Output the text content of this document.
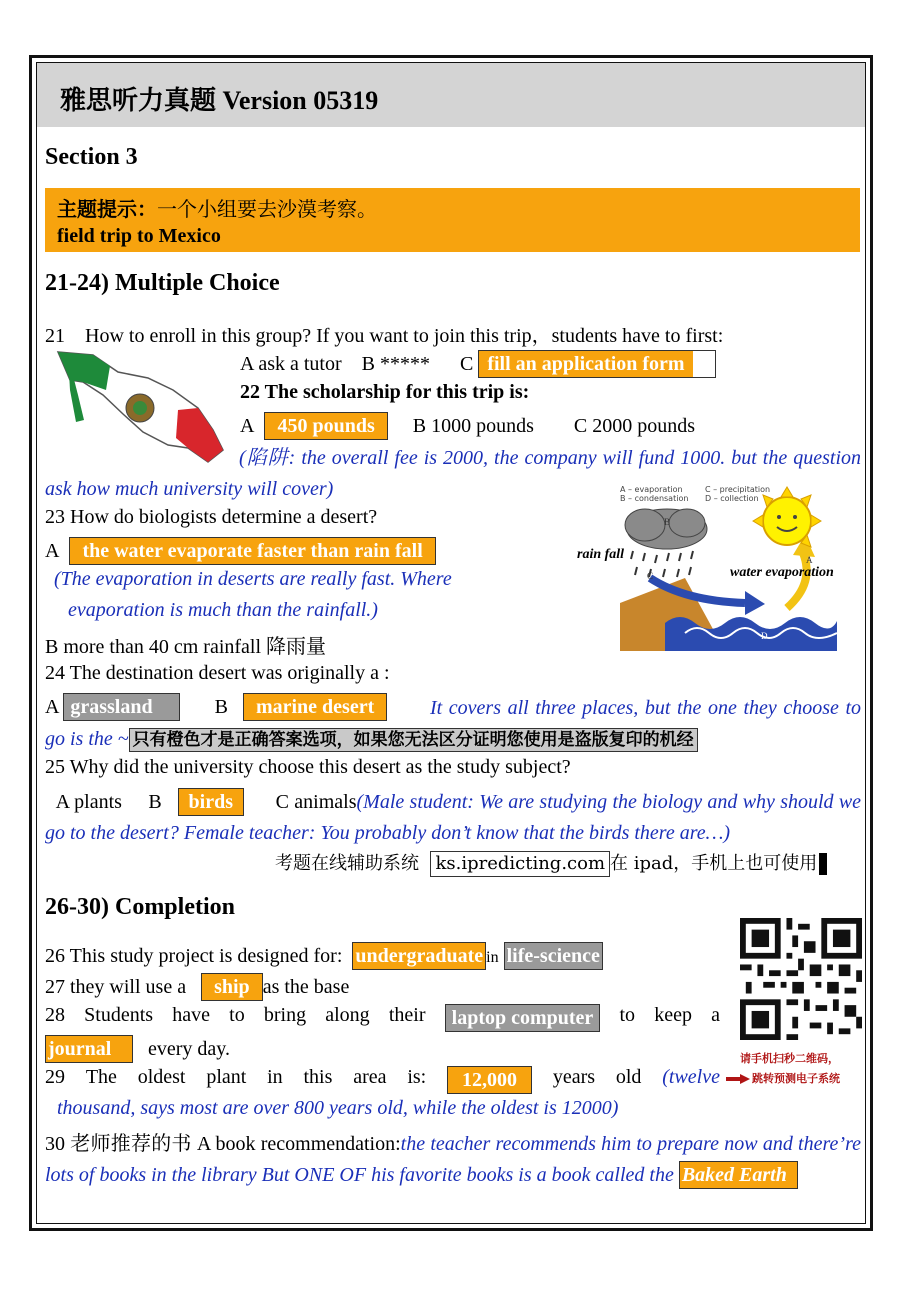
雅思听力真题 Version 05319
Section 3
主题提示：一个小组要去沙漠考察。
field trip to Mexico
21-24) Multiple Choice
21 How to enroll in this group? If you want to join this trip，students have to first:
A ask a tutor B ***** C fill an application form
22 The scholarship for this trip is:
A 450 pounds B 1000 pounds C 2000 pounds
(陷阱: the overall fee is 2000, the company will fund 1000. but the question ask how much university will cover)
23 How do biologists determine a desert?
A the water evaporate faster than rain fall
(The evaporation in deserts are really fast. Where
evaporation is much than the rainfall.)
B more than 40 cm rainfall 降雨量
A – evaporation
B – condensation
C – precipitation
D – collection
rain fall
water evaporation
A
B
C
D
24 The destination desert was originally a :
A grassland	B marine desert	It covers all three places, but the one they choose to go is the ~ 只有橙色才是正确答案选项，如果您无法区分证明您使用是盗版复印的机经
25 Why did the university choose this desert as the study subject?
A plants B birds C animals(Male student: We are studying the biology and why should we go to the desert? Female teacher: You probably don’t know that the birds there are…)
考题在线辅助系统 ks.ipredicting.com 在 ipad，手机上也可使用
26-30) Completion
26 This study project is designed for: undergraduate in life-science
27 they will use a ship as the base
28 Students have to bring along their	laptop computer	to keep a
journal every day.
29 The oldest plant in this area is:	12,000	years old (twelve
thousand, says most are over 800 years old, while the oldest is 12000)
30 老师推荐的书 A book recommendation:the teacher recommends him to prepare now and there’re lots of books in the library But ONE OF his favorite books is a book called the Baked Earth
请手机扫秒二维码，
跳转预测电子系统
